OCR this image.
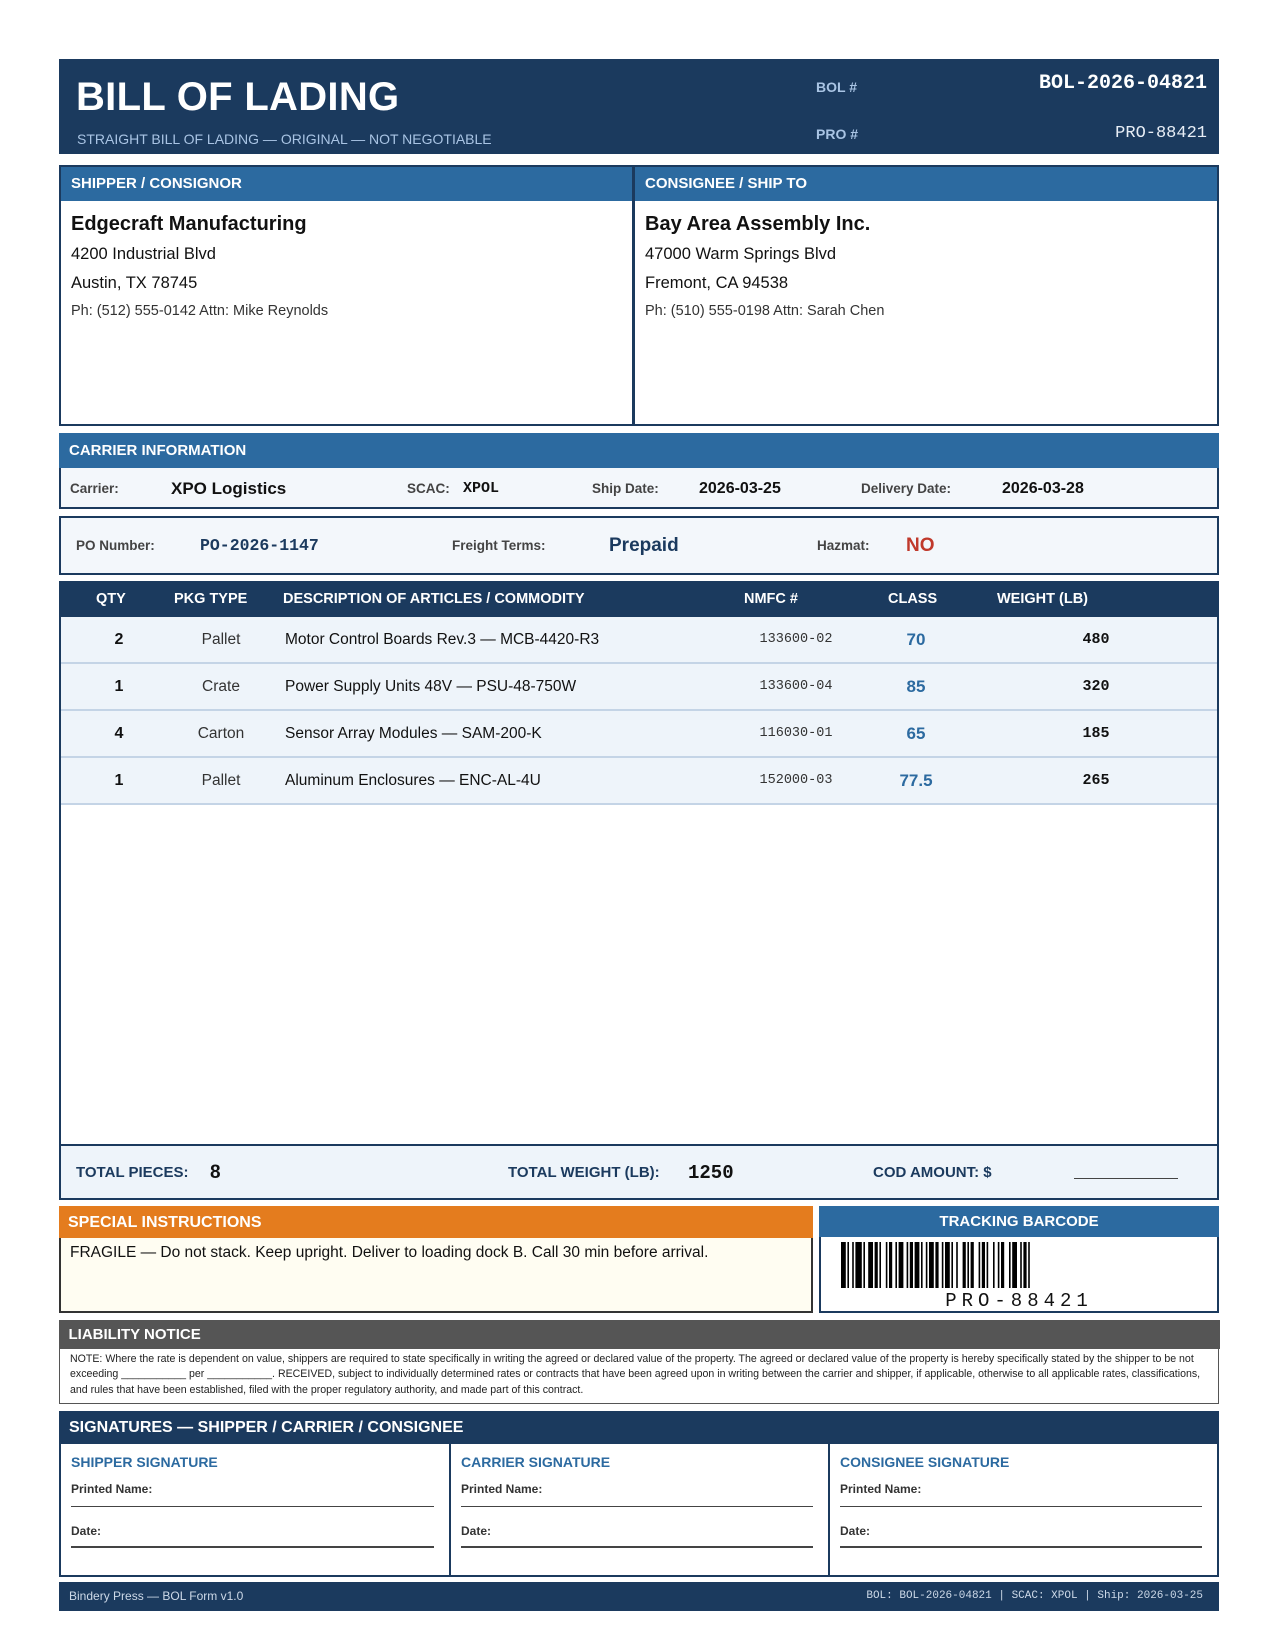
BILL OF LADING
STRAIGHT BILL OF LADING — ORIGINAL — NOT NEGOTIABLE
BOL #	BOL-2026-04821
PRO #	PRO-88421
SHIPPER / CONSIGNOR
Edgecraft Manufacturing
4200 Industrial Blvd
Austin, TX 78745
Ph: (512) 555-0142 Attn: Mike Reynolds
CONSIGNEE / SHIP TO
Bay Area Assembly Inc.
47000 Warm Springs Blvd
Fremont, CA 94538
Ph: (510) 555-0198 Attn: Sarah Chen
CARRIER INFORMATION
Carrier:	XPO Logistics	SCAC: XPOL	Ship Date:	2026-03-25	Delivery Date:	2026-03-28
PO Number:	PO-2026-1147	Freight Terms:	Prepaid	Hazmat: NO
QTY	PKG TYPE DESCRIPTION OF ARTICLES / COMMODITY	NMFC #	CLASS	WEIGHT (LB)
2	Pallet	Motor Control Boards Rev.3 — MCB-4420-R3	133600-02	70	480
1	Crate	Power Supply Units 48V — PSU-48-750W	133600-04	85	320
4	Carton	Sensor Array Modules — SAM-200-K	116030-01	65	185
1	Pallet	Aluminum Enclosures — ENC-AL-4U	152000-03	77.5	265
TOTAL PIECES: 8	TOTAL WEIGHT (LB): 1250	COD AMOUNT: $
SPECIAL INSTRUCTIONS
FRAGILE — Do not stack. Keep upright. Deliver to loading dock B. Call 30 min before arrival.
TRACKING BARCODE
PRO-88421
LIABILITY NOTICE
NOTE: Where the rate is dependent on value, shippers are required to state specifically in writing the agreed or declared value of the property. The agreed or declared value of the property is hereby specifically stated by the shipper to be not exceeding ___________ per ___________. RECEIVED, subject to individually determined rates or contracts that have been agreed upon in writing between the carrier and shipper, if applicable, otherwise to all applicable rates, classifications, and rules that have been established, filed with the proper regulatory authority, and made part of this contract.
SIGNATURES — SHIPPER / CARRIER / CONSIGNEE
SHIPPER SIGNATURE
Printed Name:
Date:
CARRIER SIGNATURE
Printed Name:
Date:
CONSIGNEE SIGNATURE
Printed Name:
Date:
Bindery Press — BOL Form v1.0	BOL: BOL-2026-04821 | SCAC: XPOL | Ship: 2026-03-25
